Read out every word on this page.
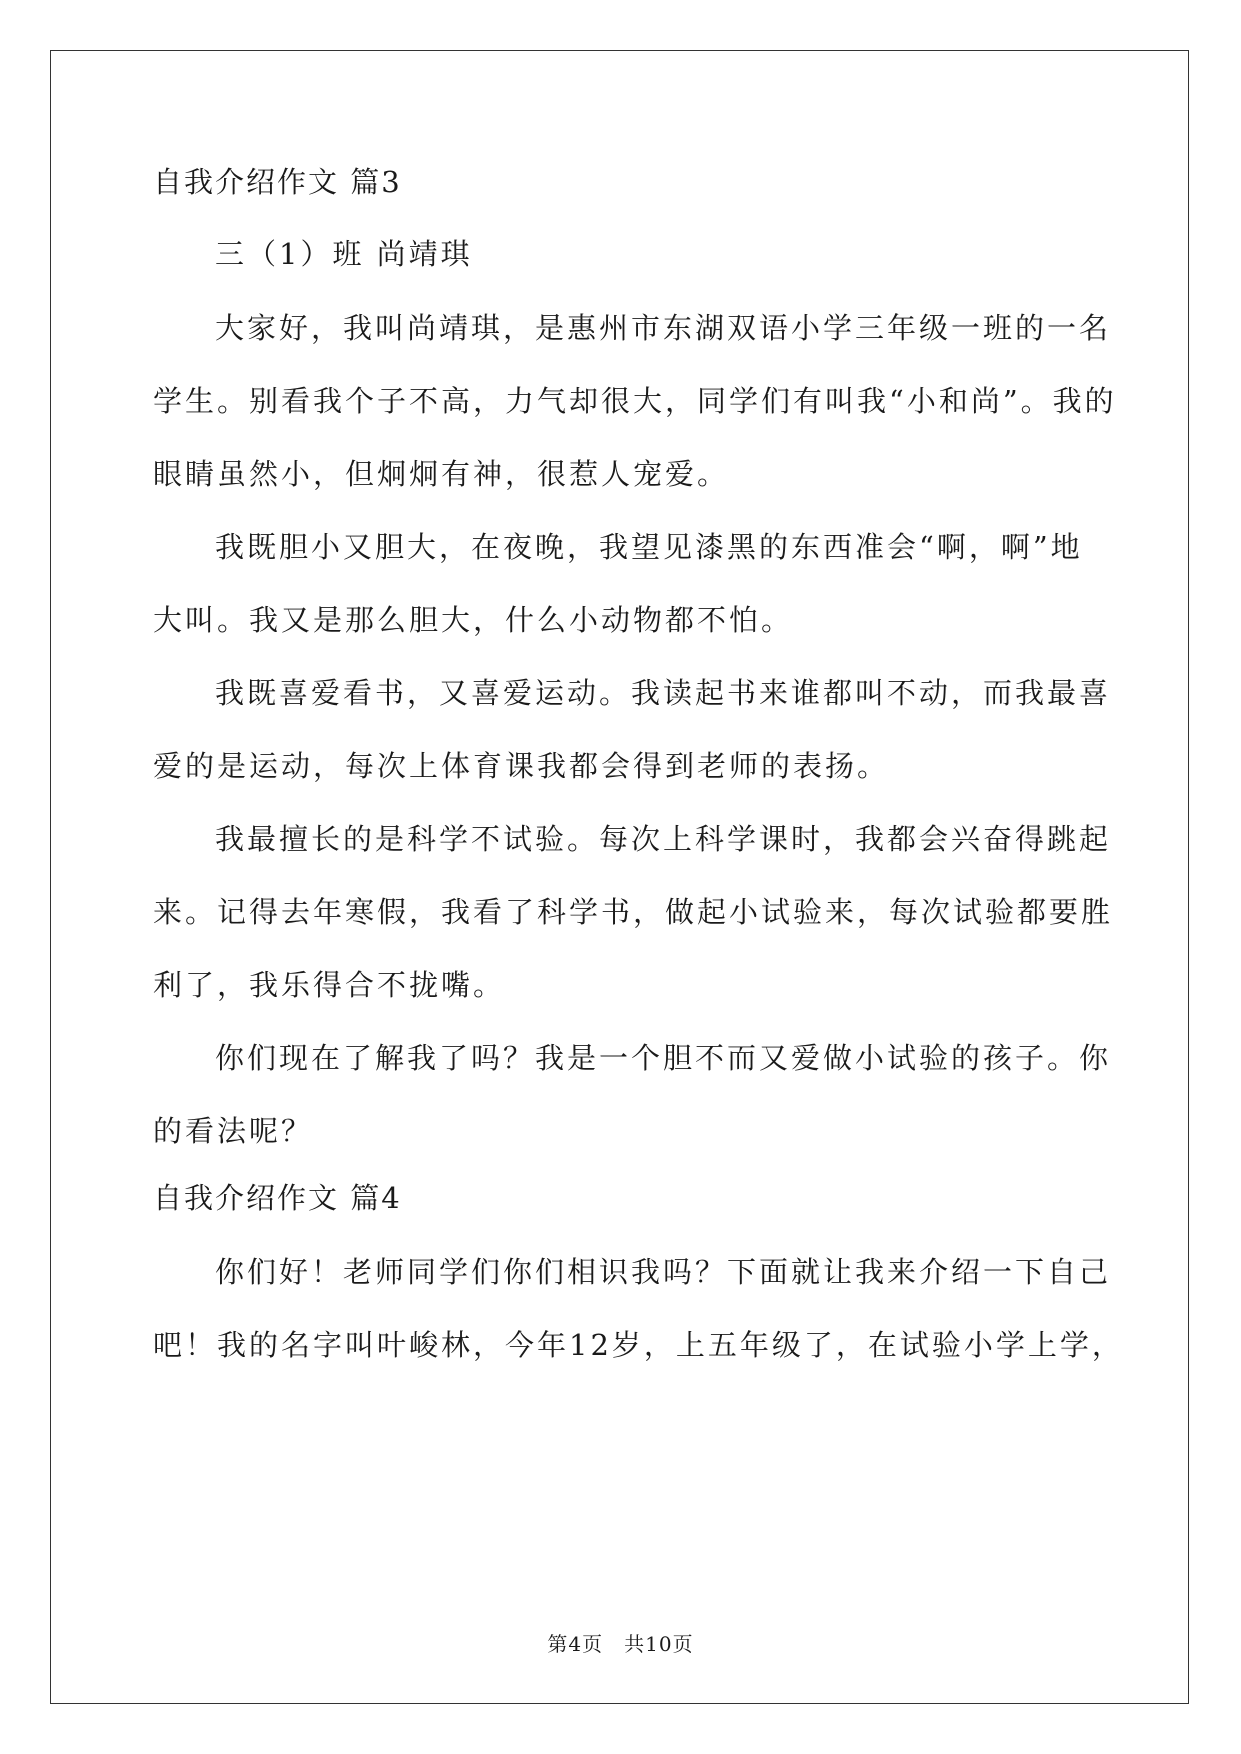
自我介绍作文 篇3
三（1）班 尚靖琪
大家好，我叫尚靖琪，是惠州市东湖双语小学三年级一班的一名
学生。别看我个子不高，力气却很大，同学们有叫我“小和尚”。我的
眼睛虽然小，但炯炯有神，很惹人宠爱。
我既胆小又胆大，在夜晚，我望见漆黑的东西准会“啊，啊”地
大叫。我又是那么胆大，什么小动物都不怕。
我既喜爱看书，又喜爱运动。我读起书来谁都叫不动，而我最喜
爱的是运动，每次上体育课我都会得到老师的表扬。
我最擅长的是科学不试验。每次上科学课时，我都会兴奋得跳起
来。记得去年寒假，我看了科学书，做起小试验来，每次试验都要胜
利了，我乐得合不拢嘴。
你们现在了解我了吗？我是一个胆不而又爱做小试验的孩子。你
的看法呢？
自我介绍作文 篇4
你们好！老师同学们你们相识我吗？下面就让我来介绍一下自己
吧！我的名字叫叶峻林，今年12岁，上五年级了，在试验小学上学，
第4页　共10页
